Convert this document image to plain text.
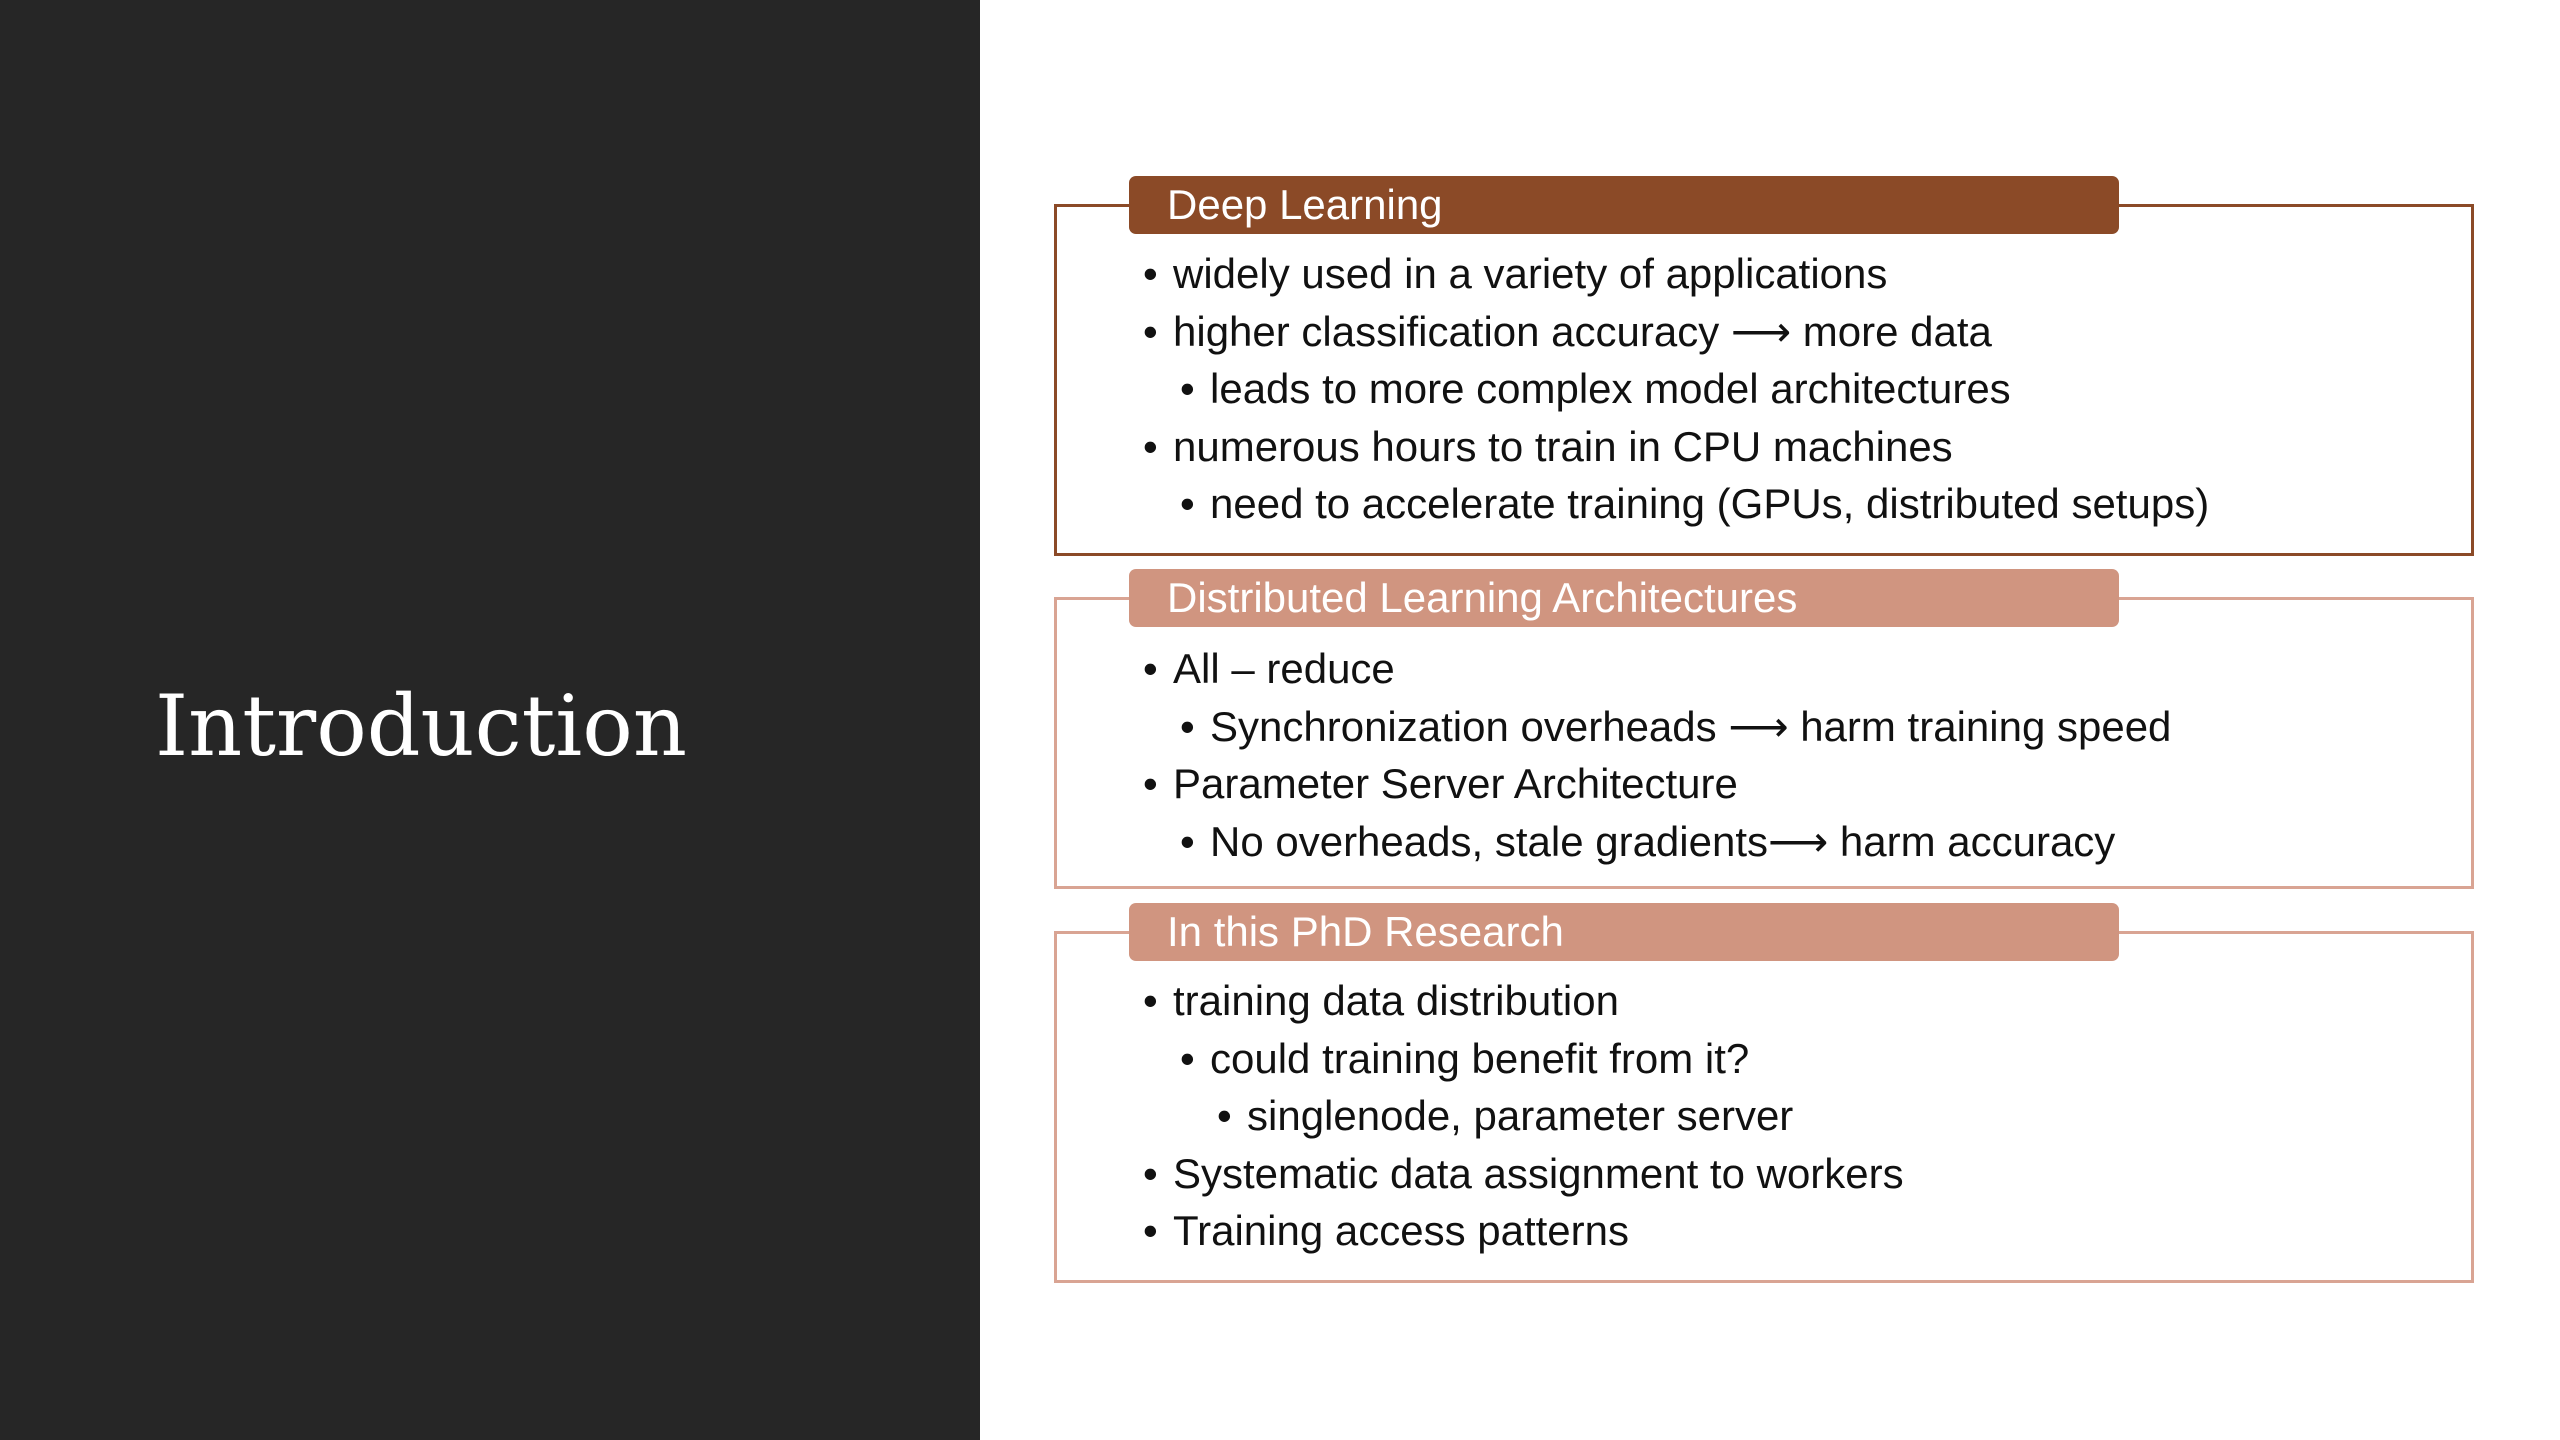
Introduction
Deep Learning
• widely used in a variety of applications
• higher classification accuracy ⟶ more data
• leads to more complex model architectures
• numerous hours to train in CPU machines
• need to accelerate training (GPUs, distributed setups)
Distributed Learning Architectures
• All – reduce
• Synchronization overheads ⟶ harm training speed
• Parameter Server Architecture
• No overheads, stale gradients⟶ harm accuracy
In this PhD Research
• training data distribution
• could training benefit from it?
• singlenode, parameter server
• Systematic data assignment to workers
• Training access patterns
